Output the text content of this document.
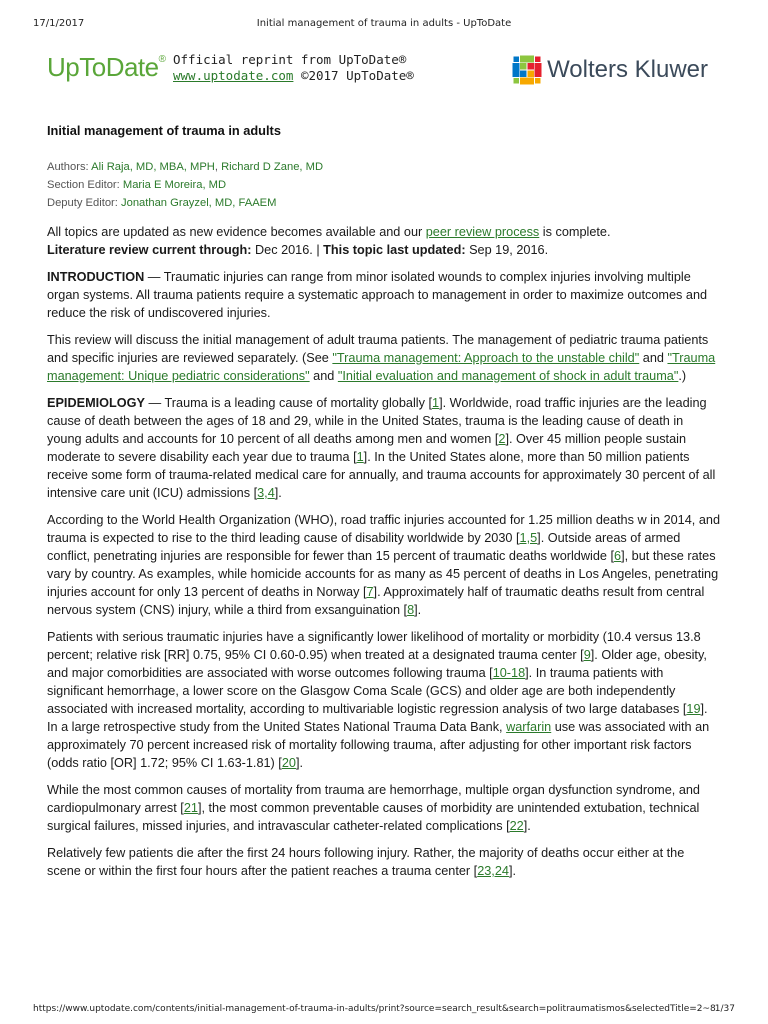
17/1/2017	Initial management of trauma in adults - UpToDate
UpToDate® Official reprint from UpToDate®
www.uptodate.com ©2017 UpToDate®	Wolters Kluwer
Initial management of trauma in adults
Authors: Ali Raja, MD, MBA, MPH, Richard D Zane, MD
Section Editor: Maria E Moreira, MD
Deputy Editor: Jonathan Grayzel, MD, FAAEM

All topics are updated as new evidence becomes available and our peer review process is complete.
Literature review current through: Dec 2016. | This topic last updated: Sep 19, 2016.

INTRODUCTION — Traumatic injuries can range from minor isolated wounds to complex injuries involving multiple organ systems. All trauma patients require a systematic approach to management in order to maximize outcomes and reduce the risk of undiscovered injuries.

This review will discuss the initial management of adult trauma patients. The management of pediatric trauma patients and specific injuries are reviewed separately. (See "Trauma management: Approach to the unstable child" and "Trauma management: Unique pediatric considerations" and "Initial evaluation and management of shock in adult trauma".)

EPIDEMIOLOGY — Trauma is a leading cause of mortality globally [1]. Worldwide, road traffic injuries are the leading cause of death between the ages of 18 and 29, while in the United States, trauma is the leading cause of death in young adults and accounts for 10 percent of all deaths among men and women [2]. Over 45 million people sustain moderate to severe disability each year due to trauma [1]. In the United States alone, more than 50 million patients receive some form of trauma-related medical care for annually, and trauma accounts for approximately 30 percent of all intensive care unit (ICU) admissions [3,4].

According to the World Health Organization (WHO), road traffic injuries accounted for 1.25 million deaths w in 2014, and trauma is expected to rise to the third leading cause of disability worldwide by 2030 [1,5]. Outside areas of armed conflict, penetrating injuries are responsible for fewer than 15 percent of traumatic deaths worldwide [6], but these rates vary by country. As examples, while homicide accounts for as many as 45 percent of deaths in Los Angeles, penetrating injuries account for only 13 percent of deaths in Norway [7]. Approximately half of traumatic deaths result from central nervous system (CNS) injury, while a third from exsanguination [8].

Patients with serious traumatic injuries have a significantly lower likelihood of mortality or morbidity (10.4 versus 13.8 percent; relative risk [RR] 0.75, 95% CI 0.60-0.95) when treated at a designated trauma center [9]. Older age, obesity, and major comorbidities are associated with worse outcomes following trauma [10-18]. In trauma patients with significant hemorrhage, a lower score on the Glasgow Coma Scale (GCS) and older age are both independently associated with increased mortality, according to multivariable logistic regression analysis of two large databases [19]. In a large retrospective study from the United States National Trauma Data Bank, warfarin use was associated with an approximately 70 percent increased risk of mortality following trauma, after adjusting for other important risk factors (odds ratio [OR] 1.72; 95% CI 1.63-1.81) [20].

While the most common causes of mortality from trauma are hemorrhage, multiple organ dysfunction syndrome, and cardiopulmonary arrest [21], the most common preventable causes of morbidity are unintended extubation, technical surgical failures, missed injuries, and intravascular catheter-related complications [22].

Relatively few patients die after the first 24 hours following injury. Rather, the majority of deaths occur either at the scene or within the first four hours after the patient reaches a trauma center [23,24].

https://www.uptodate.com/contents/initial-management-of-trauma-in-adults/print?source=search_result&search=politraumatismos&selectedTitle=2~8
1/37
